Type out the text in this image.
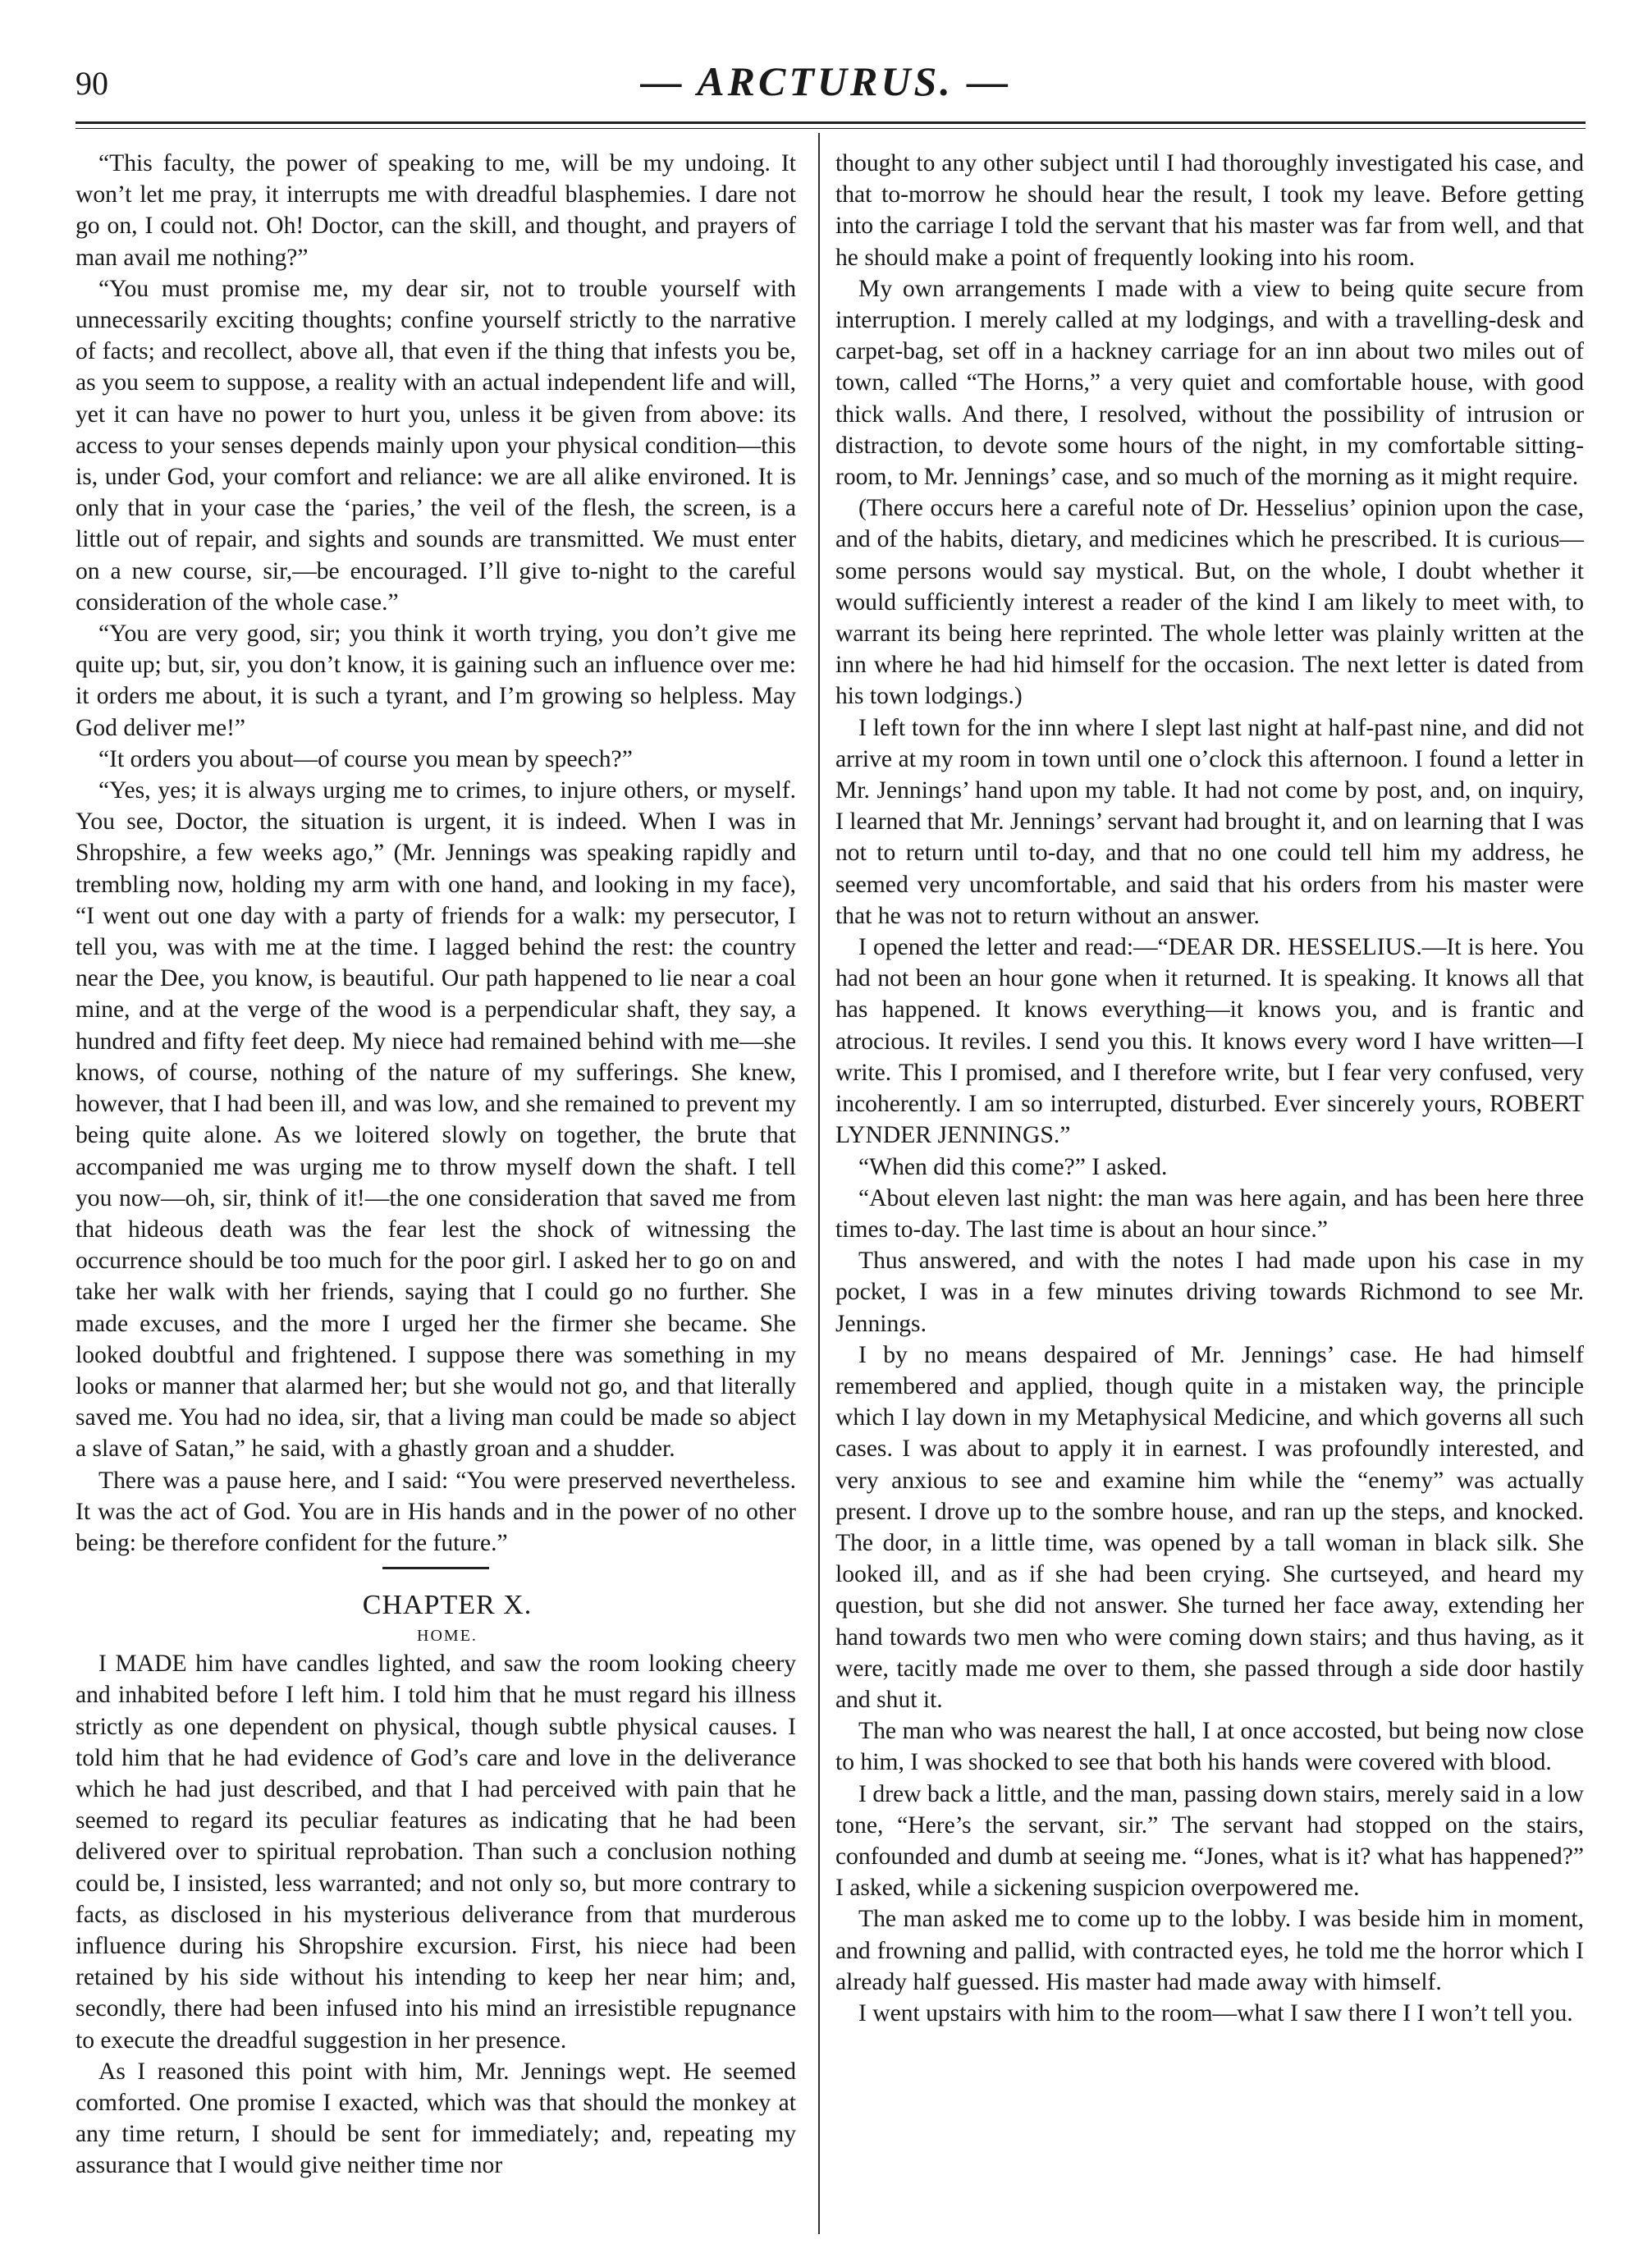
90	— ARCTURUS. —

“This faculty, the power of speaking to me, will be my undoing. It won’t let me pray, it interrupts me with dreadful blasphemies. I dare not go on, I could not. Oh! Doctor, can the skill, and thought, and prayers of man avail me nothing?”

“You must promise me, my dear sir, not to trouble yourself with unnecessarily exciting thoughts; confine yourself strictly to the narrative of facts; and recollect, above all, that even if the thing that infests you be, as you seem to suppose, a reality with an actual independent life and will, yet it can have no power to hurt you, unless it be given from above: its access to your senses depends mainly upon your physical condition—this is, under God, your comfort and reliance: we are all alike environed. It is only that in your case the ‘paries,’ the veil of the flesh, the screen, is a little out of repair, and sights and sounds are transmitted. We must enter on a new course, sir,—be encouraged. I’ll give to-night to the careful consideration of the whole case.”

“You are very good, sir; you think it worth trying, you don’t give me quite up; but, sir, you don’t know, it is gaining such an influence over me: it orders me about, it is such a tyrant, and I’m growing so helpless. May God deliver me!”

“It orders you about—of course you mean by speech?”

“Yes, yes; it is always urging me to crimes, to injure others, or myself. You see, Doctor, the situation is urgent, it is indeed. When I was in Shropshire, a few weeks ago,” (Mr. Jennings was speaking rapidly and trembling now, holding my arm with one hand, and looking in my face), “I went out one day with a party of friends for a walk: my persecutor, I tell you, was with me at the time. I lagged behind the rest: the country near the Dee, you know, is beautiful. Our path happened to lie near a coal mine, and at the verge of the wood is a perpendicular shaft, they say, a hundred and fifty feet deep. My niece had remained behind with me—she knows, of course, nothing of the nature of my sufferings. She knew, however, that I had been ill, and was low, and she remained to prevent my being quite alone. As we loitered slowly on together, the brute that accompanied me was urging me to throw myself down the shaft. I tell you now—oh, sir, think of it!—the one consideration that saved me from that hideous death was the fear lest the shock of witnessing the occurrence should be too much for the poor girl. I asked her to go on and take her walk with her friends, saying that I could go no further. She made excuses, and the more I urged her the firmer she became. She looked doubtful and frightened. I suppose there was something in my looks or manner that alarmed her; but she would not go, and that literally saved me. You had no idea, sir, that a living man could be made so abject a slave of Satan,” he said, with a ghastly groan and a shudder.

There was a pause here, and I said: “You were preserved nevertheless. It was the act of God. You are in His hands and in the power of no other being: be therefore confident for the future.”

CHAPTER X.

HOME.

I MADE him have candles lighted, and saw the room looking cheery and inhabited before I left him. I told him that he must regard his illness strictly as one dependent on physical, though subtle physical causes. I told him that he had evidence of God’s care and love in the deliverance which he had just described, and that I had perceived with pain that he seemed to regard its peculiar features as indicating that he had been delivered over to spiritual reprobation. Than such a conclusion nothing could be, I insisted, less warranted; and not only so, but more contrary to facts, as disclosed in his mysterious deliverance from that murderous influence during his Shropshire excursion. First, his niece had been retained by his side without his intending to keep her near him; and, secondly, there had been infused into his mind an irresistible repugnance to execute the dreadful suggestion in her presence.

As I reasoned this point with him, Mr. Jennings wept. He seemed comforted. One promise I exacted, which was that should the monkey at any time return, I should be sent for immediately; and, repeating my assurance that I would give neither time nor

thought to any other subject until I had thoroughly investigated his case, and that to-morrow he should hear the result, I took my leave. Before getting into the carriage I told the servant that his master was far from well, and that he should make a point of frequently looking into his room.

My own arrangements I made with a view to being quite secure from interruption. I merely called at my lodgings, and with a travelling-desk and carpet-bag, set off in a hackney carriage for an inn about two miles out of town, called “The Horns,” a very quiet and comfortable house, with good thick walls. And there, I resolved, without the possibility of intrusion or distraction, to devote some hours of the night, in my comfortable sitting-room, to Mr. Jennings’ case, and so much of the morning as it might require.

(There occurs here a careful note of Dr. Hesselius’ opinion upon the case, and of the habits, dietary, and medicines which he prescribed. It is curious—some persons would say mystical. But, on the whole, I doubt whether it would sufficiently interest a reader of the kind I am likely to meet with, to warrant its being here reprinted. The whole letter was plainly written at the inn where he had hid himself for the occasion. The next letter is dated from his town lodgings.)

I left town for the inn where I slept last night at half-past nine, and did not arrive at my room in town until one o’clock this afternoon. I found a letter in Mr. Jennings’ hand upon my table. It had not come by post, and, on inquiry, I learned that Mr. Jennings’ servant had brought it, and on learning that I was not to return until to-day, and that no one could tell him my address, he seemed very uncomfortable, and said that his orders from his master were that he was not to return without an answer.

I opened the letter and read:—“DEAR DR. HESSELIUS.—It is here. You had not been an hour gone when it returned. It is speaking. It knows all that has happened. It knows everything—it knows you, and is frantic and atrocious. It reviles. I send you this. It knows every word I have written—I write. This I promised, and I therefore write, but I fear very confused, very incoherently. I am so interrupted, disturbed. Ever sincerely yours, ROBERT LYNDER JENNINGS.”

“When did this come?” I asked.

“About eleven last night: the man was here again, and has been here three times to-day. The last time is about an hour since.”

Thus answered, and with the notes I had made upon his case in my pocket, I was in a few minutes driving towards Richmond to see Mr. Jennings.

I by no means despaired of Mr. Jennings’ case. He had himself remembered and applied, though quite in a mistaken way, the principle which I lay down in my Metaphysical Medicine, and which governs all such cases. I was about to apply it in earnest. I was profoundly interested, and very anxious to see and examine him while the “enemy” was actually present. I drove up to the sombre house, and ran up the steps, and knocked. The door, in a little time, was opened by a tall woman in black silk. She looked ill, and as if she had been crying. She curtseyed, and heard my question, but she did not answer. She turned her face away, extending her hand towards two men who were coming down stairs; and thus having, as it were, tacitly made me over to them, she passed through a side door hastily and shut it.

The man who was nearest the hall, I at once accosted, but being now close to him, I was shocked to see that both his hands were covered with blood.

I drew back a little, and the man, passing down stairs, merely said in a low tone, “Here’s the servant, sir.” The servant had stopped on the stairs, confounded and dumb at seeing me. “Jones, what is it? what has happened?” I asked, while a sickening suspicion overpowered me.

The man asked me to come up to the lobby. I was beside him in moment, and frowning and pallid, with contracted eyes, he told me the horror which I already half guessed. His master had made away with himself.

I went upstairs with him to the room—what I saw there I I won’t tell you.
